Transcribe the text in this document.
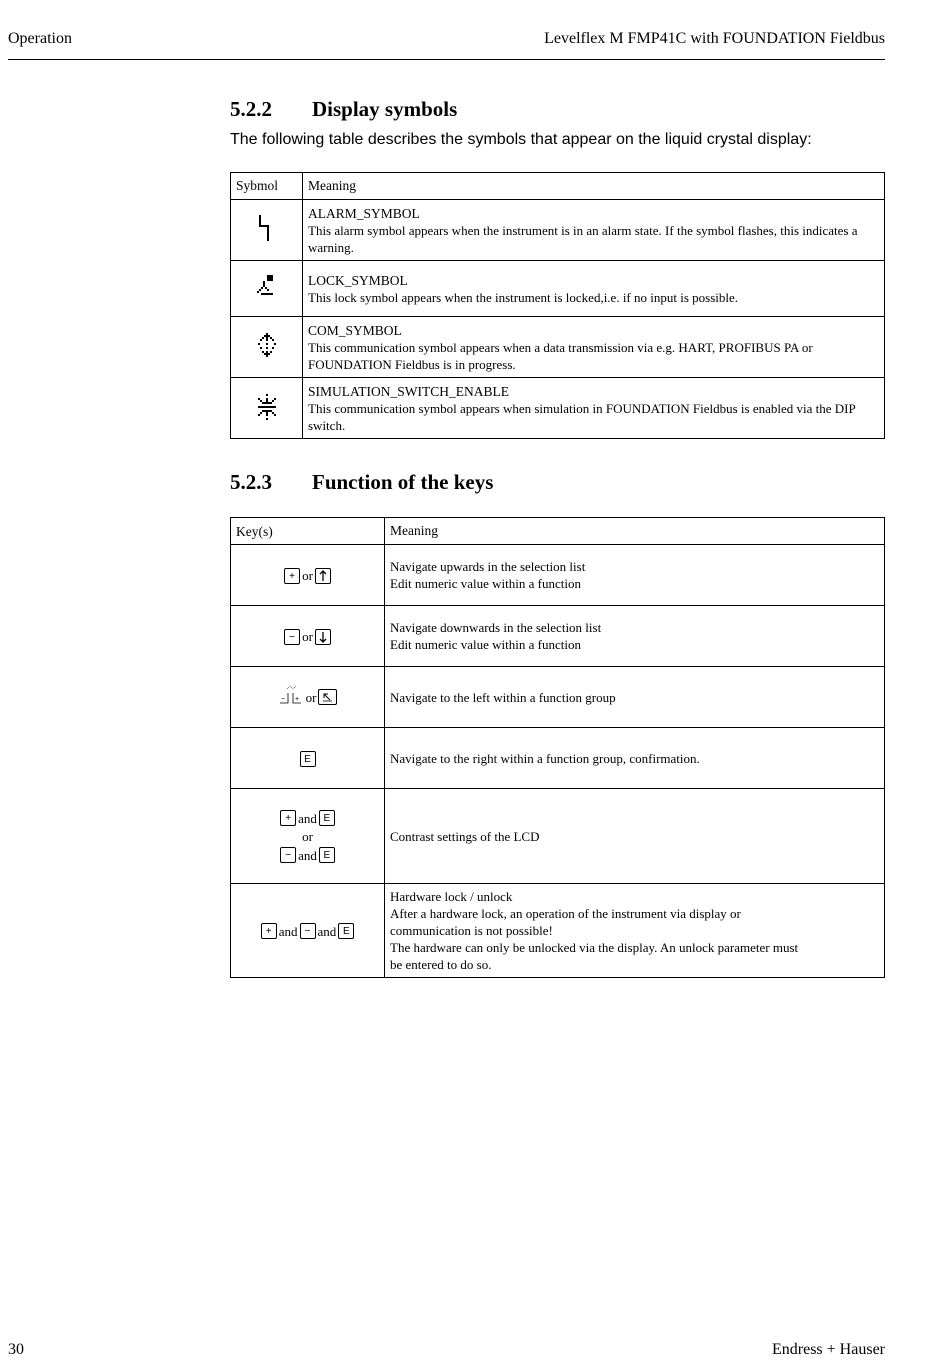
Operation	Levelflex M FMP41C with FOUNDATION Fieldbus
5.2.2 Display symbols

The following table describes the symbols that appear on the liquid crystal display:

Sybmol	Meaning

ALARM_SYMBOL
This alarm symbol appears when the instrument is in an alarm state. If the symbol flashes, this indicates a warning.

LOCK_SYMBOL
This lock symbol appears when the instrument is locked,i.e. if no input is possible.

COM_SYMBOL
This communication symbol appears when a data transmission via e.g. HART, PROFIBUS PA or FOUNDATION Fieldbus is in progress.

SIMULATION_SWITCH_ENABLE
This communication symbol appears when simulation in FOUNDATION Fieldbus is enabled via the DIP switch.
5.2.3 Function of the keys
Key(s)	Meaning
+ or	Navigate upwards in the selection list
Edit numeric value within a function

− or	Navigate downwards in the selection list
Edit numeric value within a function

− + or	Navigate to the left within a function group

E	Navigate to the right within a function group, confirmation.

+ and E
or
− and E	Contrast settings of the LCD

+ and − and E	Hardware lock / unlock
After a hardware lock, an operation of the instrument via display or
communication is not possible!
The hardware can only be unlocked via the display. An unlock parameter must
be entered to do so.
30	Endress + Hauser
